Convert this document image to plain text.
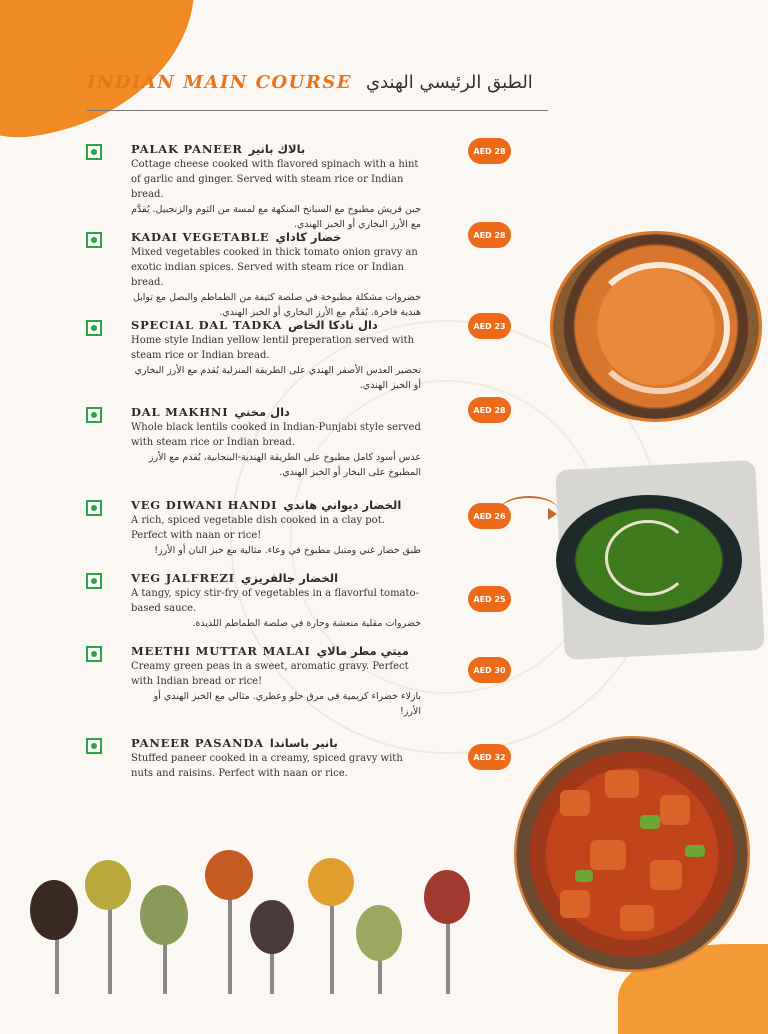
INDIAN MAIN COURSE الطبق الرئيسي الهندي
PALAK PANEER بالاك بانير
Cottage cheese cooked with flavored spinach with a hint of garlic and ginger. Served with steam rice or Indian bread.
جبن قريش مطبوخ مع السبانخ المنكهة مع لمسة من الثوم والزنجبيل. يُقدَّم مع الأرز البخاري أو الخبز الهندي.
AED 28
KADAI VEGETABLE خضار كاداي
Mixed vegetables cooked in thick tomato onion gravy an exotic indian spices. Served with steam rice or Indian bread.
خضروات مشكلة مطبوخة في صلصة كثيفة من الطماطم والبصل مع توابل هندية فاخرة. يُقدَّم مع الأرز البخاري أو الخبز الهندي.
AED 28
SPECIAL DAL TADKA دال تادكا الخاص
Home style Indian yellow lentil preperation served with steam rice or Indian bread.
تحضير العدس الأصفر الهندي على الطريقة المنزلية يُقدم مع الأرز البخاري أو الخبز الهندي.
AED 23
DAL MAKHNI دال مخني
Whole black lentils cooked in Indian-Punjabi style served with steam rice or Indian bread.
عدس أسود كامل مطبوخ على الطريقة الهندية-البنجابية، يُقدم مع الأرز المطبوخ على البخار أو الخبز الهندي.
AED 28
VEG DIWANI HANDI الخضار ديواني هاندي
A rich, spiced vegetable dish cooked in a clay pot. Perfect with naan or rice!
طبق خضار غني ومتبل مطبوخ في وعاء. مثالية مع خبز النان أو الأرز!
AED 26
VEG JALFREZI الخضار جالفريزي
A tangy, spicy stir-fry of vegetables in a flavorful tomato-based sauce.
خضروات مقلية منعشة وحارة في صلصة الطماطم اللذيذة.
AED 25
MEETHI MUTTAR MALAI ميتي مطر مالاي
Creamy green peas in a sweet, aromatic gravy. Perfect with Indian bread or rice!
بازلاء خضراء كريمية في مرق حلو وعطري. مثالي مع الخبز الهندي أو الأرز!
AED 30
PANEER PASANDA بانير باساندا
Stuffed paneer cooked in a creamy, spiced gravy with nuts and raisins. Perfect with naan or rice.
AED 32
